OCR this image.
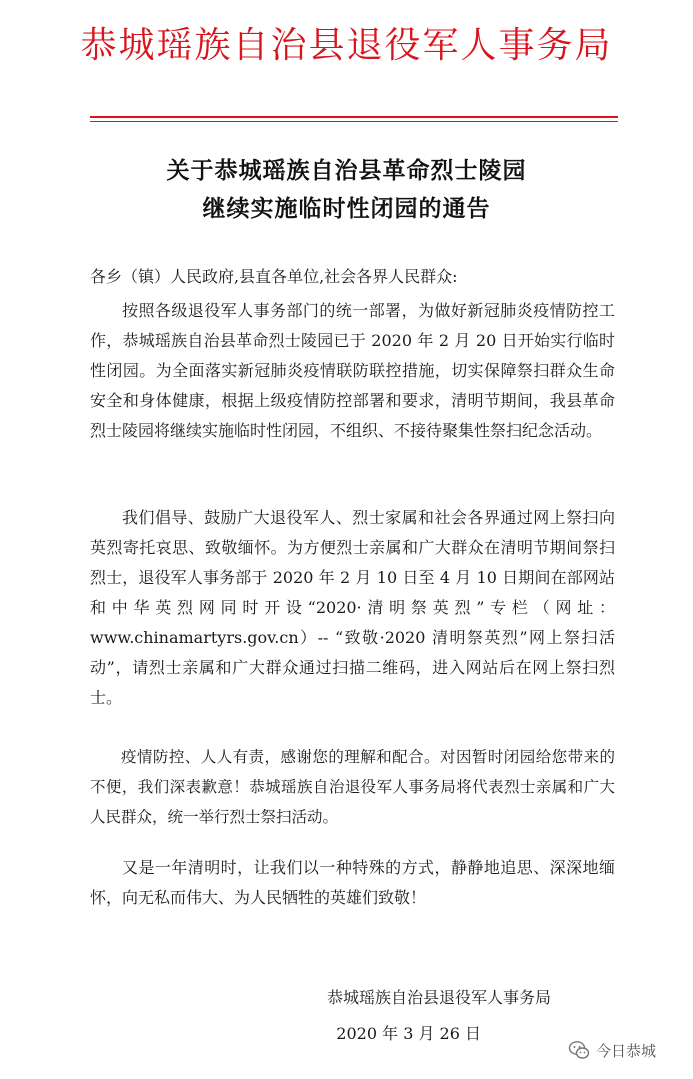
恭城瑶族自治县退役军人事务局
关于恭城瑶族自治县革命烈士陵园
继续实施临时性闭园的通告
各乡（镇）人民政府,县直各单位,社会各界人民群众:
按照各级退役军人事务部门的统一部署，为做好新冠肺炎疫情防控工作，恭城瑶族自治县革命烈士陵园已于 2020 年 2 月 20 日开始实行临时性闭园。为全面落实新冠肺炎疫情联防联控措施，切实保障祭扫群众生命安全和身体健康，根据上级疫情防控部署和要求，清明节期间，我县革命烈士陵园将继续实施临时性闭园，不组织、不接待聚集性祭扫纪念活动。
我们倡导、鼓励广大退役军人、烈士家属和社会各界通过网上祭扫向英烈寄托哀思、致敬缅怀。为方便烈士亲属和广大群众在清明节期间祭扫烈士，退役军人事务部于 2020 年 2 月 10 日至 4 月 10 日期间在部网站和中华英烈网同时开设“2020·清明祭英烈”专栏（网址：www.chinamartyrs.gov.cn）-- “致敬·2020 清明祭英烈”网上祭扫活动”，请烈士亲属和广大群众通过扫描二维码，进入网站后在网上祭扫烈士。
疫情防控、人人有责，感谢您的理解和配合。对因暂时闭园给您带来的不便，我们深表歉意！恭城瑶族自治退役军人事务局将代表烈士亲属和广大人民群众，统一举行烈士祭扫活动。
又是一年清明时，让我们以一种特殊的方式，静静地追思、深深地缅怀，向无私而伟大、为人民牺牲的英雄们致敬！
恭城瑶族自治县退役军人事务局
2020 年 3 月 26 日
今日恭城
